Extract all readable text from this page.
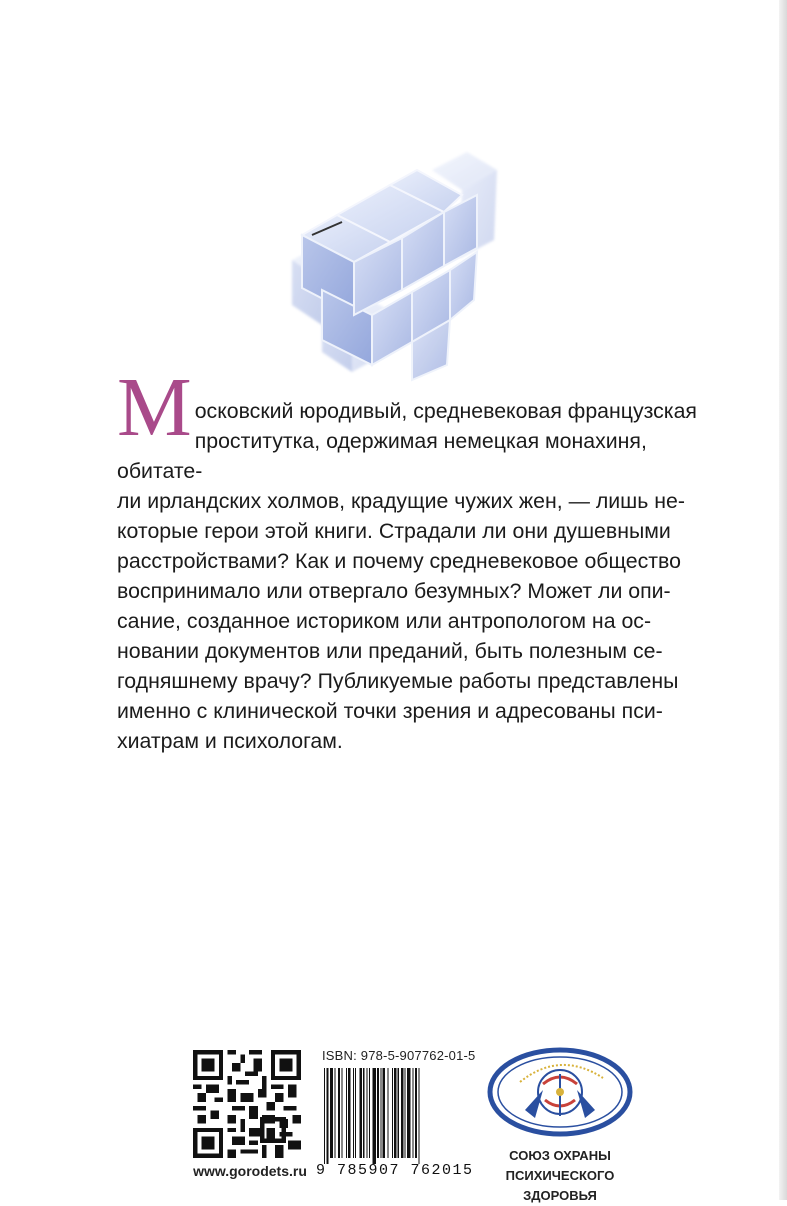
М осковский юродивый, средневековая французская
проститутка, одержимая немецкая монахиня, обитате-
ли ирландских холмов, крадущие чужих жен, — лишь не-
которые герои этой книги. Страдали ли они душевными
расстройствами? Как и почему средневековое общество
воспринимало или отвергало безумных? Может ли опи-
сание, созданное историком или антропологом на ос-
новании документов или преданий, быть полезным се-
годняшнему врачу? Публикуемые работы представлены
именно с клинической точки зрения и адресованы пси-
хиатрам и психологам.
www.gorodets.ru
ISBN: 978-5-907762-01-5
9 785907 762015
СОЮЗ ОХРАНЫ
ПСИХИЧЕСКОГО ЗДОРОВЬЯ
